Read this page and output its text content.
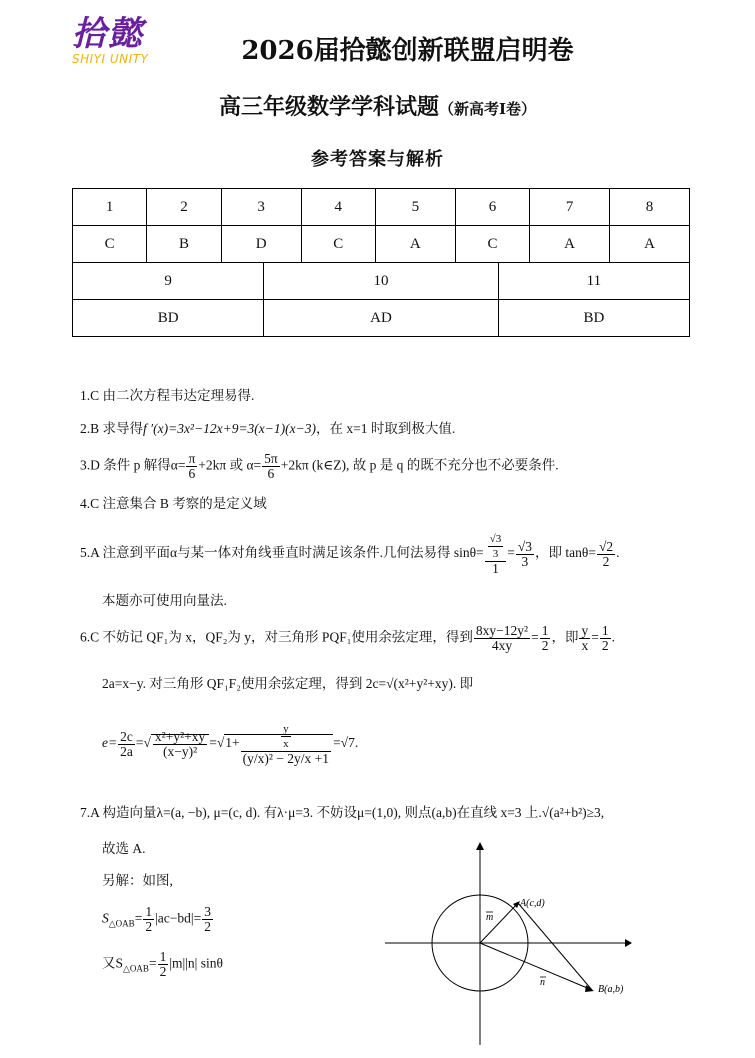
拾懿
SHIYI UNITY	2026届拾懿创新联盟启明卷
高三年级数学学科试题（新高考Ⅰ卷）
参考答案与解析
1	2	3	4	5	6	7	8
C	B	D	C	A	C	A	A
9	10	11
BD	AD	BD
1.C 由二次方程韦达定理易得.
2.B 求导得f ′(x)=3x²−12x+9=3(x−1)(x−3)，在 x=1 时取到极大值.
3.D 条件 p 解得$\alpha= \frac{\pi}{6} +2k\pi$ 或 $\alpha= \frac{5\pi}{6} +2k\pi$ (k∈Z), 故 p 是 q 的既不充分也不必要条件.
4.C 注意集合 B 考察的是定义域
5.A 注意到平面α与某一体对角线垂直时满足该条件.几何法易得 $\sin\theta= \frac{\frac{√3}{3}}{1} = \frac{√3}{3}$ ，即 $\tan\theta= \frac{√2}{2}$ .
本题亦可使用向量法.
6.C 不妨记 QF₁为 x，QF₂为 y，对三角形 PQF₁使用余弦定理，得到 $\frac{\text{8xy−12y²}}{4xy} = \frac{1}{2}$ ，即 $\frac{y}{x} = \frac{1}{2}$ .
2a=x−y. 对三角形 QF₁F₂使用余弦定理，得到 2c=√(x²+y²+xy). 即
$e= \frac{2c}{2a}$ =√ $\frac{\text{x²+y²+xy}}{\text{(x−y)²}} =√1+ \frac{\frac{y}{x}}{\text{(y/x)² − 2y/x +1}} =√7$.
7.A 构造向量λ=(a, −b), μ=(c, d). 有λ·μ=3. 不妨设μ=(1,0), 则点(a,b)在直线 x=3 上.√(a²+b²)≥3,
故选 A.
另解：如图,
$S_{\triangle OAB}= \frac{1}{2} |ac-bd|= \frac{3}{2}$
又$S_{\triangle OAB}= \frac{1}{2} |m||n|$ sinθ
A(c,d)
B(a,b)
m
n
